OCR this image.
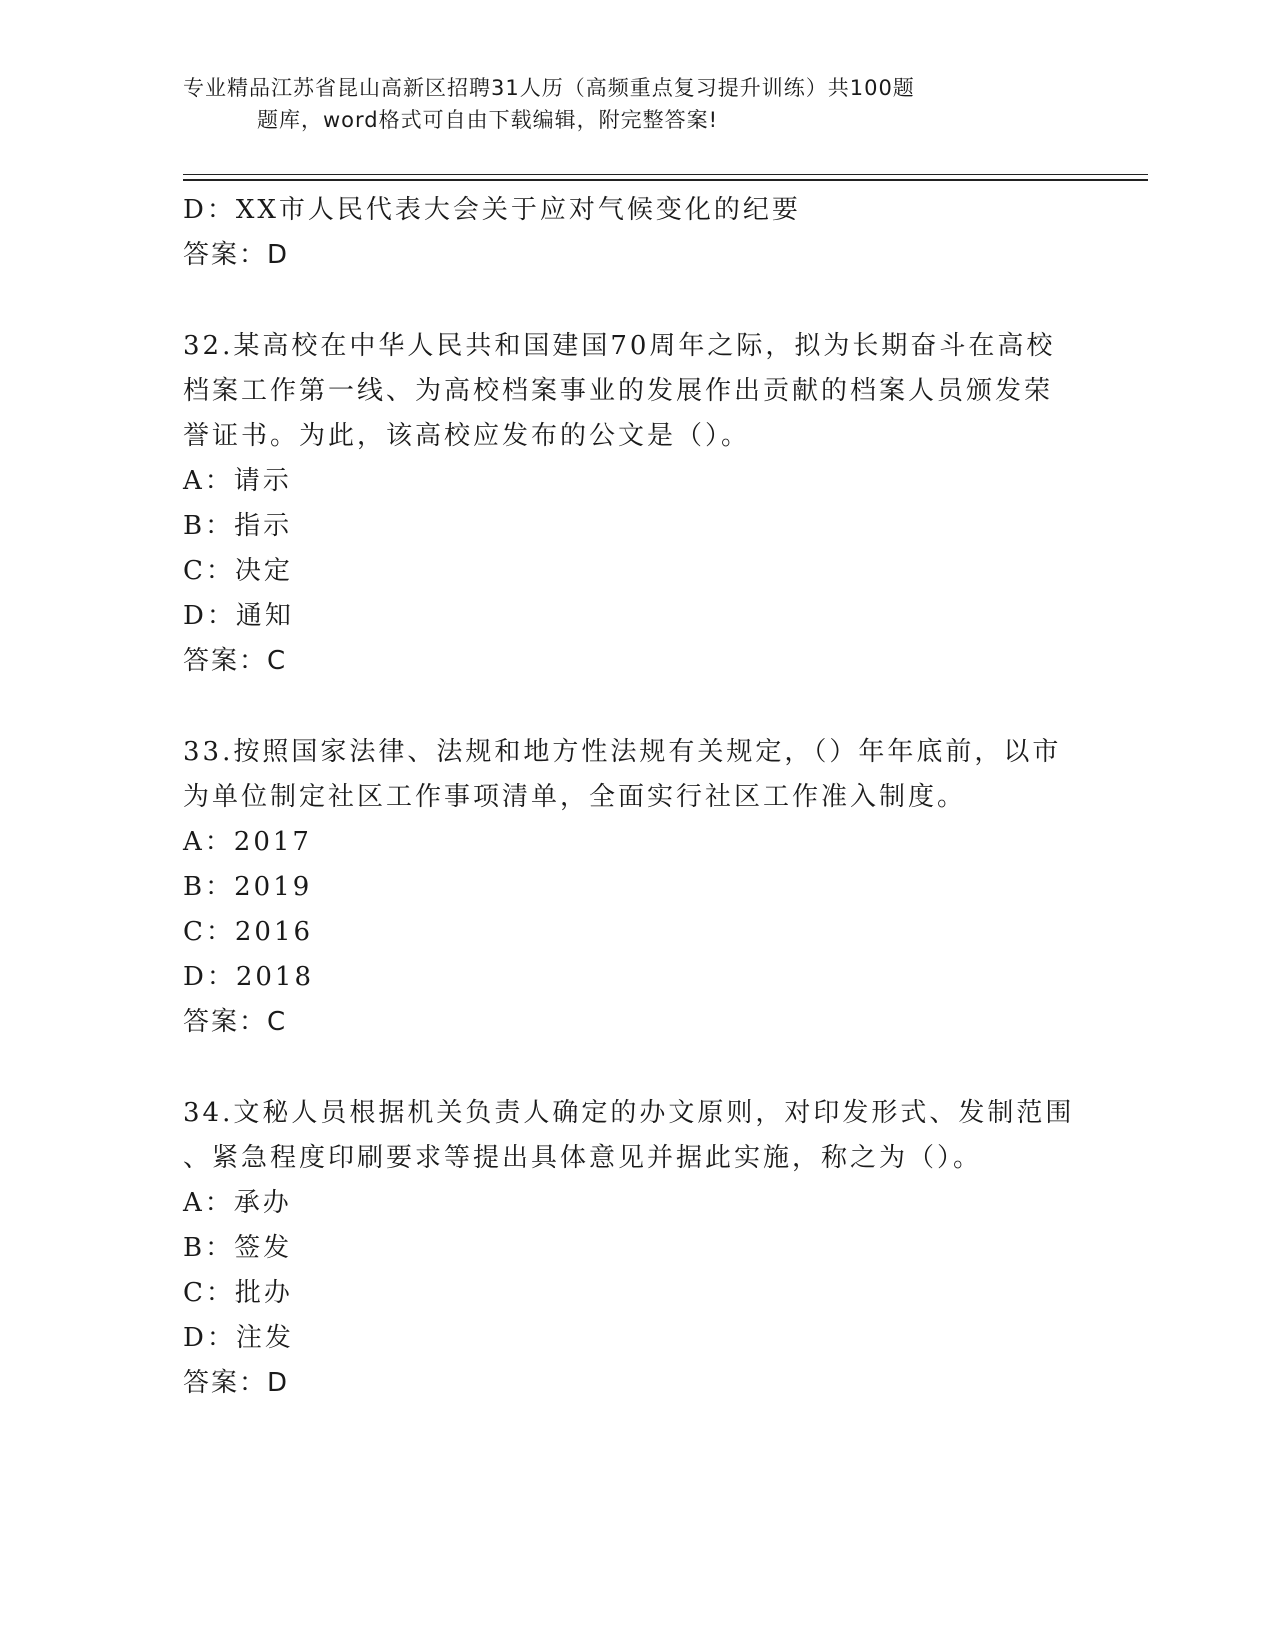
专业精品江苏省昆山高新区招聘31人历（高频重点复习提升训练）共100题
题库，word格式可自由下载编辑，附完整答案!
D：XX市人民代表大会关于应对气候变化的纪要
答案：D
32.某高校在中华人民共和国建国70周年之际，拟为长期奋斗在高校
档案工作第一线、为高校档案事业的发展作出贡献的档案人员颁发荣
誉证书。为此，该高校应发布的公文是（）。
A：请示
B：指示
C：决定
D：通知
答案：C
33.按照国家法律、法规和地方性法规有关规定，（）年年底前，以市
为单位制定社区工作事项清单，全面实行社区工作准入制度。
A：2017
B：2019
C：2016
D：2018
答案：C
34.文秘人员根据机关负责人确定的办文原则，对印发形式、发制范围
、紧急程度印刷要求等提出具体意见并据此实施，称之为（）。
A：承办
B：签发
C：批办
D：注发
答案：D
